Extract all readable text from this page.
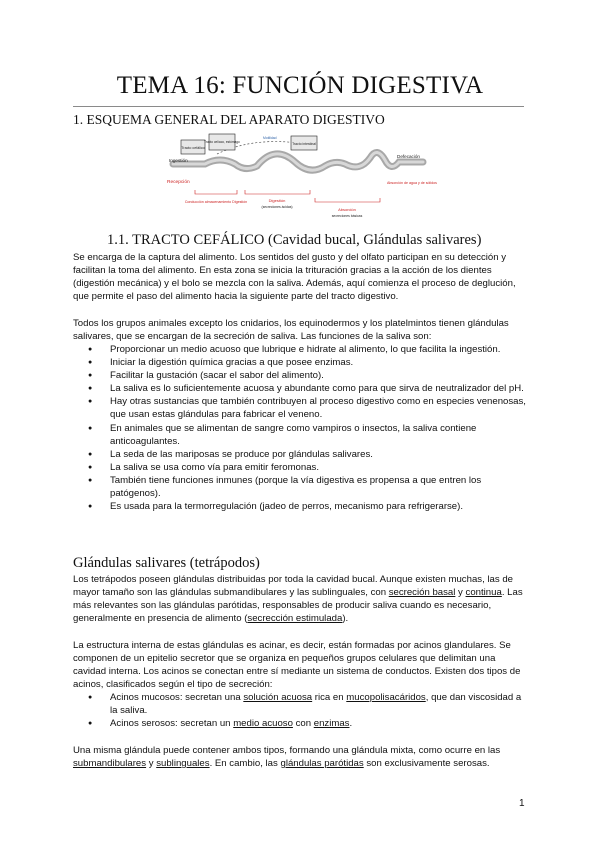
TEMA 16: FUNCIÓN DIGESTIVA
1. ESQUEMA GENERAL DEL APARATO DIGESTIVO
Tracto cefálico
Tracto celíaco, estómago
Motilidad
Tracto intestinal
Ingestión
Defecación
Recepción	Absorción de agua y de sólidos
Conducción almacenamiento Digestión	Digestión
(secreciones ácidas)	Absorción
secreciones básicas
1.1. TRACTO CEFÁLICO (Cavidad bucal, Glándulas salivares)
Se encarga de la captura del alimento. Los sentidos del gusto y del olfato participan en su detección y facilitan la toma del alimento. En esta zona se inicia la trituración gracias a la acción de los dientes (digestión mecánica) y el bolo se mezcla con la saliva. Además, aquí comienza el proceso de deglución, que permite el paso del alimento hacia la siguiente parte del tracto digestivo.
Todos los grupos animales excepto los cnidarios, los equinodermos y los platelmintos tienen glándulas salivares, que se encargan de la secreción de saliva. Las funciones de la saliva son:
● Proporcionar un medio acuoso que lubrique e hidrate al alimento, lo que facilita la ingestión.
● Iniciar la digestión química gracias a que posee enzimas.
● Facilitar la gustación (sacar el sabor del alimento).
● La saliva es lo suficientemente acuosa y abundante como para que sirva de neutralizador del pH.
● Hay otras sustancias que también contribuyen al proceso digestivo como en especies venenosas, que usan estas glándulas para fabricar el veneno.
● En animales que se alimentan de sangre como vampiros o insectos, la saliva contiene anticoagulantes.
● La seda de las mariposas se produce por glándulas salivares.
● La saliva se usa como vía para emitir feromonas.
● También tiene funciones inmunes (porque la vía digestiva es propensa a que entren los patógenos).
● Es usada para la termorregulación (jadeo de perros, mecanismo para refrigerarse).
Glándulas salivares (tetrápodos)

Los tetrápodos poseen glándulas distribuidas por toda la cavidad bucal. Aunque existen muchas, las de mayor tamaño son las glándulas submandibulares y las sublinguales, con secreción basal y continua. Las más relevantes son las glándulas parótidas, responsables de producir saliva cuando es necesario, generalmente en presencia de alimento (secrección estimulada).

La estructura interna de estas glándulas es acinar, es decir, están formadas por acinos glandulares. Se componen de un epitelio secretor que se organiza en pequeños grupos celulares que delimitan una cavidad interna. Los acinos se conectan entre sí mediante un sistema de conductos. Existen dos tipos de acinos, clasificados según el tipo de secreción:
● Acinos mucosos: secretan una solución acuosa rica en mucopolisacáridos, que dan viscosidad a la saliva.
● Acinos serosos: secretan un medio acuoso con enzimas.

Una misma glándula puede contener ambos tipos, formando una glándula mixta, como ocurre en las submandibulares y sublinguales. En cambio, las glándulas parótidas son exclusivamente serosas.

1
